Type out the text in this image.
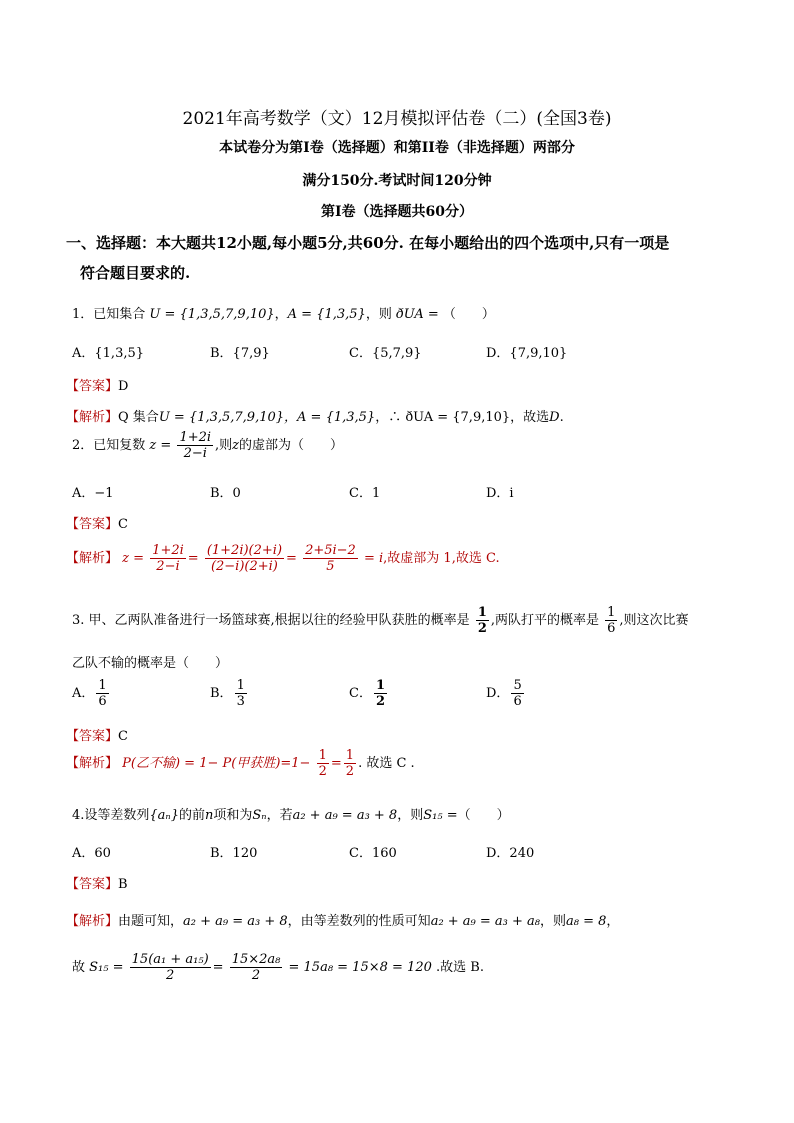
2021年高考数学（文）12月模拟评估卷（二）(全国3卷)
本试卷分为第I卷（选择题）和第II卷（非选择题）两部分
满分150分.考试时间120分钟
第I卷（选择题共60分）
一、选择题：本大题共12小题,每小题5分,共60分. 在每小题给出的四个选项中,只有一项是
符合题目要求的.
1．已知集合 U = {1,3,5,7,9,10}，A = {1,3,5}，则 ðUA = （　　）
A．{1,3,5}	B．{7,9}	C．{5,7,9}	D．{7,9,10}
【答案】D
【解析】Q 集合U = {1,3,5,7,9,10}，A = {1,3,5}，∴ ðUA = {7,9,10}，故选D.
2．已知复数 $z = \frac{1+2i}{2-i}$ ,则z的虚部为（　　）
A．−1	B．0	C．1	D．i
【答案】C
【解析】 $z = \frac{1+2i}{2-i} = \frac{(1+2i)(2+i)}{(2-i)(2+i)} = \frac{2+5i-2}{5} = i$,故虚部为 1,故选 C.
3. 甲、乙两队准备进行一场篮球赛,根据以往的经验甲队获胜的概率是 $\frac{1}{2}$ ,两队打平的概率是 $\frac{1}{6}$ ,则这次比赛
乙队不输的概率是（　　）
A． $\frac{1}{6}$	B． $\frac{1}{3}$	C． $\frac{1}{2}$	D． $\frac{5}{6}$
【答案】C
【解析】 P(乙不输) = 1− P(甲获胜)$=1- \frac{1}{2} = \frac{1}{2}$ . 故选 C .
4.设等差数列{aₙ}的前n项和为Sₙ，若a₂ + a₉ = a₃ + 8，则S₁₅ =（　　）
A．60	B．120	C．160	D．240
【答案】B
【解析】由题可知，a₂ + a₉ = a₃ + 8，由等差数列的性质可知a₂ + a₉ = a₃ + a₈，则a₈ = 8，
故 $S_{15} = \frac{\text{15(a₁ + a₁₅)}}{2} = \frac{\text{15×2a₈}}{2} = 15a_8 = 15\times 8 = 120$ .故选 B.
